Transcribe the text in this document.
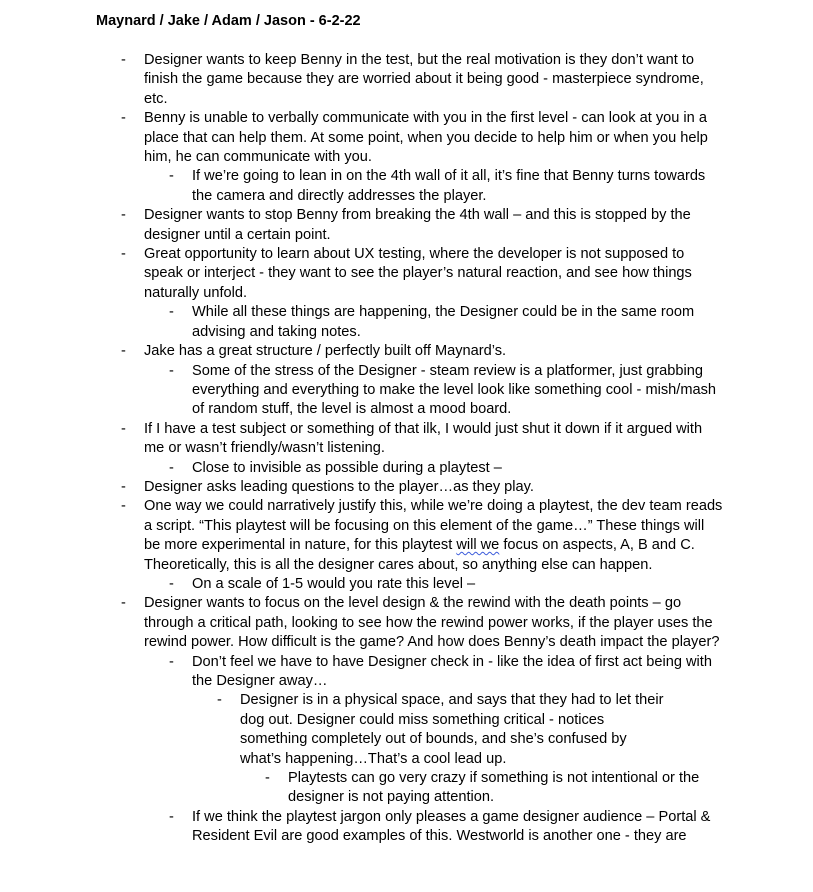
Maynard / Jake / Adam / Jason - 6-2-22
- Designer wants to keep Benny in the test, but the real motivation is they don’t want to finish the game because they are worried about it being good - masterpiece syndrome, etc.
- Benny is unable to verbally communicate with you in the first level - can look at you in a place that can help them. At some point, when you decide to help him or when you help him, he can communicate with you.
- If we’re going to lean in on the 4th wall of it all, it’s fine that Benny turns towards the camera and directly addresses the player.
- Designer wants to stop Benny from breaking the 4th wall – and this is stopped by the designer until a certain point.
- Great opportunity to learn about UX testing, where the developer is not supposed to speak or interject - they want to see the player’s natural reaction, and see how things naturally unfold.
- While all these things are happening, the Designer could be in the same room advising and taking notes.
- Jake has a great structure / perfectly built off Maynard’s.
- Some of the stress of the Designer - steam review is a platformer, just grabbing everything and everything to make the level look like something cool - mish/mash of random stuff, the level is almost a mood board.
- If I have a test subject or something of that ilk, I would just shut it down if it argued with me or wasn’t friendly/wasn’t listening.
- Close to invisible as possible during a playtest –
- Designer asks leading questions to the player…as they play.
- One way we could narratively justify this, while we’re doing a playtest, the dev team reads a script. “This playtest will be focusing on this element of the game…” These things will be more experimental in nature, for this playtest will we focus on aspects, A, B and C. Theoretically, this is all the designer cares about, so anything else can happen.
- On a scale of 1-5 would you rate this level –
- Designer wants to focus on the level design & the rewind with the death points – go through a critical path, looking to see how the rewind power works, if the player uses the rewind power. How difficult is the game? And how does Benny’s death impact the player?
- Don’t feel we have to have Designer check in - like the idea of first act being with the Designer away…
- Designer is in a physical space, and says that they had to let their dog out. Designer could miss something critical - notices something completely out of bounds, and she’s confused by what’s happening…That’s a cool lead up.
- Playtests can go very crazy if something is not intentional or the designer is not paying attention.
- If we think the playtest jargon only pleases a game designer audience – Portal & Resident Evil are good examples of this. Westworld is another one - they are
